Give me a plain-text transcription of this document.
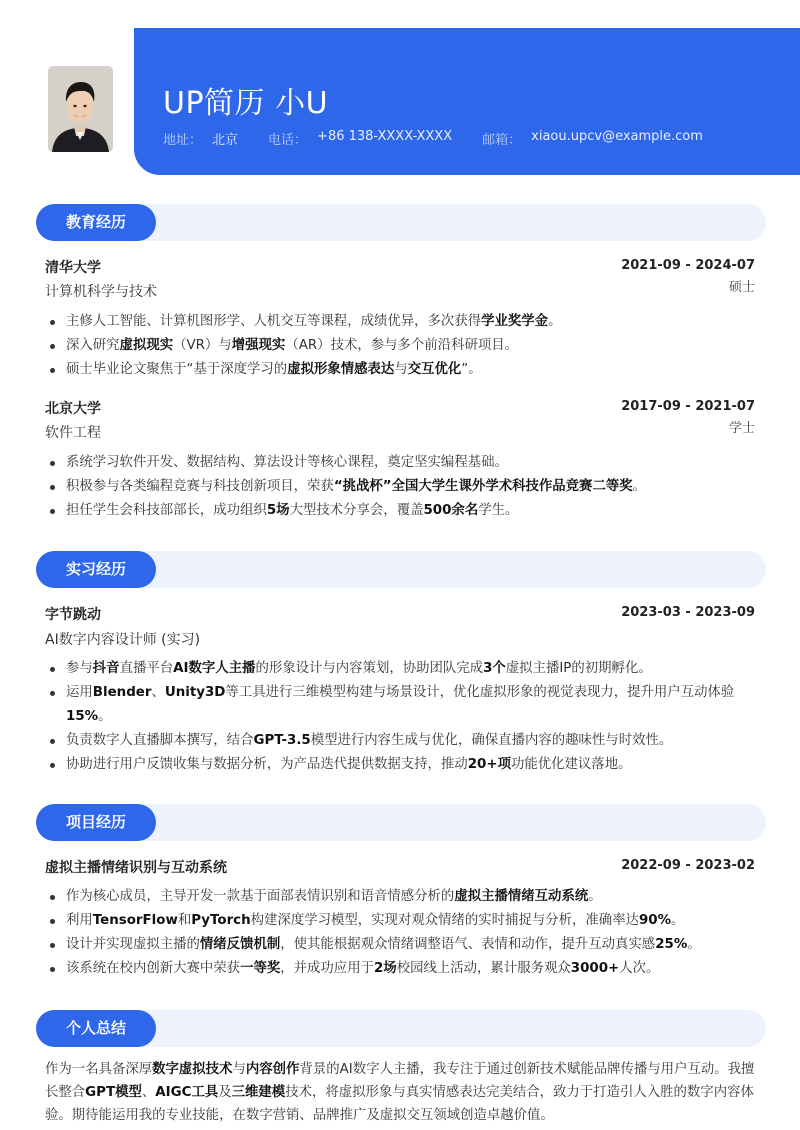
UP简历 小U
地址： 北京 电话： +86 138-XXXX-XXXX 邮箱： xiaou.upcv@example.com
教育经历
清华大学	2021-09 - 2024-07
计算机科学与技术	硕士
主修人工智能、计算机图形学、人机交互等课程，成绩优异，多次获得学业奖学金。
深入研究虚拟现实（VR）与增强现实（AR）技术，参与多个前沿科研项目。
硕士毕业论文聚焦于“基于深度学习的虚拟形象情感表达与交互优化”。
北京大学	2017-09 - 2021-07
软件工程	学士
系统学习软件开发、数据结构、算法设计等核心课程，奠定坚实编程基础。
积极参与各类编程竞赛与科技创新项目，荣获“挑战杯”全国大学生课外学术科技作品竞赛二等奖。
担任学生会科技部部长，成功组织5场大型技术分享会，覆盖500余名学生。
实习经历
字节跳动	2023-03 - 2023-09
AI数字内容设计师 (实习)
参与抖音直播平台AI数字人主播的形象设计与内容策划，协助团队完成3个虚拟主播IP的初期孵化。
运用Blender、Unity3D等工具进行三维模型构建与场景设计，优化虚拟形象的视觉表现力，提升用户互动体验15%。
负责数字人直播脚本撰写，结合GPT-3.5模型进行内容生成与优化，确保直播内容的趣味性与时效性。
协助进行用户反馈收集与数据分析，为产品迭代提供数据支持，推动20+项功能优化建议落地。
项目经历
虚拟主播情绪识别与互动系统	2022-09 - 2023-02
作为核心成员，主导开发一款基于面部表情识别和语音情感分析的虚拟主播情绪互动系统。
利用TensorFlow和PyTorch构建深度学习模型，实现对观众情绪的实时捕捉与分析，准确率达90%。
设计并实现虚拟主播的情绪反馈机制，使其能根据观众情绪调整语气、表情和动作，提升互动真实感25%。
该系统在校内创新大赛中荣获一等奖，并成功应用于2场校园线上活动，累计服务观众3000+人次。
个人总结
作为一名具备深厚数字虚拟技术与内容创作背景的AI数字人主播，我专注于通过创新技术赋能品牌传播与用户互动。我擅长整合GPT模型、AIGC工具及三维建模技术，将虚拟形象与真实情感表达完美结合，致力于打造引人入胜的数字内容体验。期待能运用我的专业技能，在数字营销、品牌推广及虚拟交互领域创造卓越价值。
